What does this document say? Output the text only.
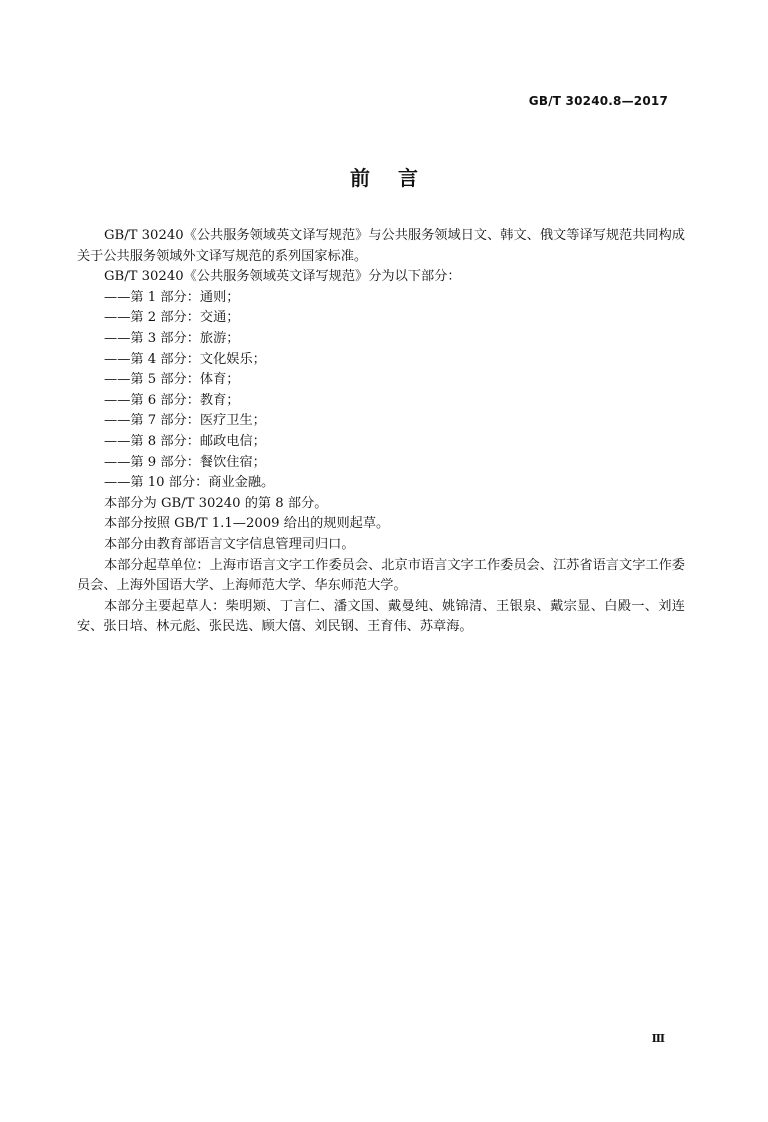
GB/T 30240.8—2017
前言

GB/T 30240《公共服务领域英文译写规范》与公共服务领域日文、韩文、俄文等译写规范共同构成关于公共服务领域外文译写规范的系列国家标准。

GB/T 30240《公共服务领域英文译写规范》分为以下部分：

——第 1 部分：通则；

——第 2 部分：交通；

——第 3 部分：旅游；

——第 4 部分：文化娱乐；

——第 5 部分：体育；

——第 6 部分：教育；

——第 7 部分：医疗卫生；

——第 8 部分：邮政电信；

——第 9 部分：餐饮住宿；

——第 10 部分：商业金融。

本部分为 GB/T 30240 的第 8 部分。

本部分按照 GB/T 1.1—2009 给出的规则起草。

本部分由教育部语言文字信息管理司归口。

本部分起草单位：上海市语言文字工作委员会、北京市语言文字工作委员会、江苏省语言文字工作委员会、上海外国语大学、上海师范大学、华东师范大学。

本部分主要起草人：柴明颎、丁言仁、潘文国、戴曼纯、姚锦清、王银泉、戴宗显、白殿一、刘连安、张日培、林元彪、张民选、顾大僖、刘民钢、王育伟、苏章海。

Ⅲ
